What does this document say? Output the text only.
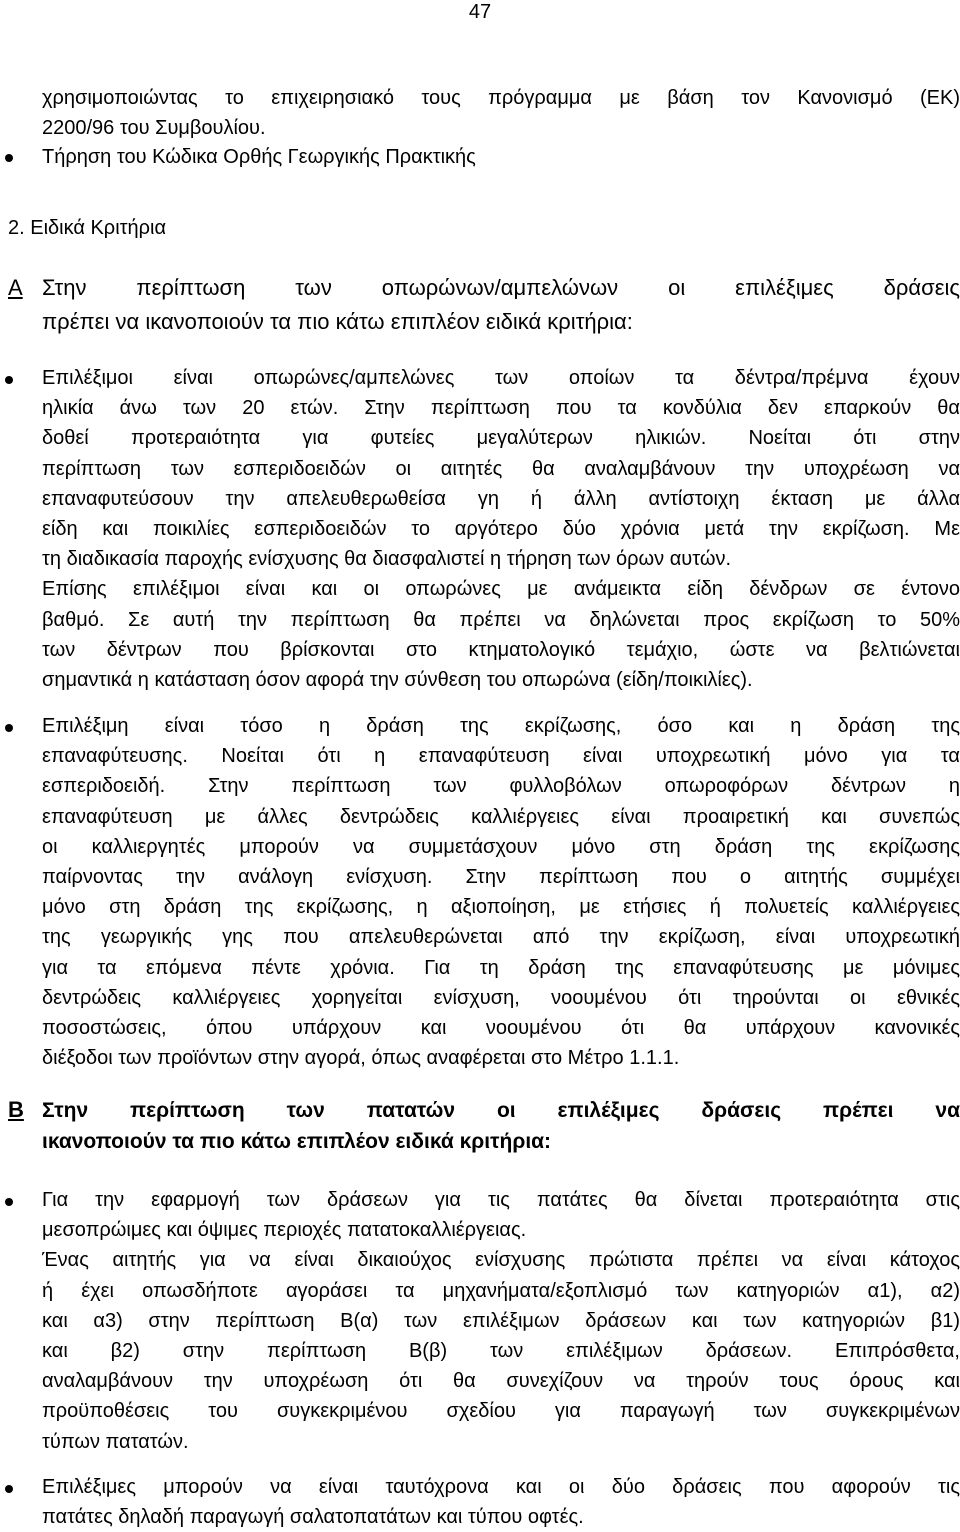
47
χρησιμοποιώντας το επιχειρησιακό τους πρόγραμμα με βάση τον Κανονισμό (ΕΚ)
2200/96 του Συμβουλίου.
Τήρηση του Κώδικα Ορθής Γεωργικής Πρακτικής
2. Ειδικά Κριτήρια
Α Στην περίπτωση των οπωρώνων/αμπελώνων οι επιλέξιμες δράσεις
πρέπει να ικανοποιούν τα πιο κάτω επιπλέον ειδικά κριτήρια:
Επιλέξιμοι είναι οπωρώνες/αμπελώνες των οποίων τα δέντρα/πρέμνα έχουν
ηλικία άνω των 20 ετών. Στην περίπτωση που τα κονδύλια δεν επαρκούν θα
δοθεί προτεραιότητα για φυτείες μεγαλύτερων ηλικιών. Νοείται ότι στην
περίπτωση των εσπεριδοειδών οι αιτητές θα αναλαμβάνουν την υποχρέωση να
επαναφυτεύσουν την απελευθερωθείσα γη ή άλλη αντίστοιχη έκταση με άλλα
είδη και ποικιλίες εσπεριδοειδών το αργότερο δύο χρόνια μετά την εκρίζωση. Με
τη διαδικασία παροχής ενίσχυσης θα διασφαλιστεί η τήρηση των όρων αυτών.
Επίσης επιλέξιμοι είναι και οι οπωρώνες με ανάμεικτα είδη δένδρων σε έντονο
βαθμό. Σε αυτή την περίπτωση θα πρέπει να δηλώνεται προς εκρίζωση το 50%
των δέντρων που βρίσκονται στο κτηματολογικό τεμάχιο, ώστε να βελτιώνεται
σημαντικά η κατάσταση όσον αφορά την σύνθεση του οπωρώνα (είδη/ποικιλίες).
Επιλέξιμη είναι τόσο η δράση της εκρίζωσης, όσο και η δράση της
επαναφύτευσης. Νοείται ότι η επαναφύτευση είναι υποχρεωτική μόνο για τα
εσπεριδοειδή. Στην περίπτωση των φυλλοβόλων οπωροφόρων δέντρων η
επαναφύτευση με άλλες δεντρώδεις καλλιέργειες είναι προαιρετική και συνεπώς
οι καλλιεργητές μπορούν να συμμετάσχουν μόνο στη δράση της εκρίζωσης
παίρνοντας την ανάλογη ενίσχυση. Στην περίπτωση που ο αιτητής συμμέχει
μόνο στη δράση της εκρίζωσης, η αξιοποίηση, με ετήσιες ή πολυετείς καλλιέργειες
της γεωργικής γης που απελευθερώνεται από την εκρίζωση, είναι υποχρεωτική
για τα επόμενα πέντε χρόνια. Για τη δράση της επαναφύτευσης με μόνιμες
δεντρώδεις καλλιέργειες χορηγείται ενίσχυση, νοουμένου ότι τηρούνται οι εθνικές
ποσοστώσεις, όπου υπάρχουν και νοουμένου ότι θα υπάρχουν κανονικές
διέξοδοι των προϊόντων στην αγορά, όπως αναφέρεται στο Μέτρο 1.1.1.
Β Στην περίπτωση των πατατών οι επιλέξιμες δράσεις πρέπει να
ικανοποιούν τα πιο κάτω επιπλέον ειδικά κριτήρια:
Για την εφαρμογή των δράσεων για τις πατάτες θα δίνεται προτεραιότητα στις
μεσοπρώιμες και όψιμες περιοχές πατατοκαλλιέργειας.
Ένας αιτητής για να είναι δικαιούχος ενίσχυσης πρώτιστα πρέπει να είναι κάτοχος
ή έχει οπωσδήποτε αγοράσει τα μηχανήματα/εξοπλισμό των κατηγοριών α1), α2)
και α3) στην περίπτωση Β(α) των επιλέξιμων δράσεων και των κατηγοριών β1)
και β2) στην περίπτωση Β(β) των επιλέξιμων δράσεων. Επιπρόσθετα,
αναλαμβάνουν την υποχρέωση ότι θα συνεχίζουν να τηρούν τους όρους και
προϋποθέσεις του συγκεκριμένου σχεδίου για παραγωγή των συγκεκριμένων
τύπων πατατών.
Επιλέξιμες μπορούν να είναι ταυτόχρονα και οι δύο δράσεις που αφορούν τις
πατάτες δηλαδή παραγωγή σαλατοπατάτων και τύπου οφτές.
